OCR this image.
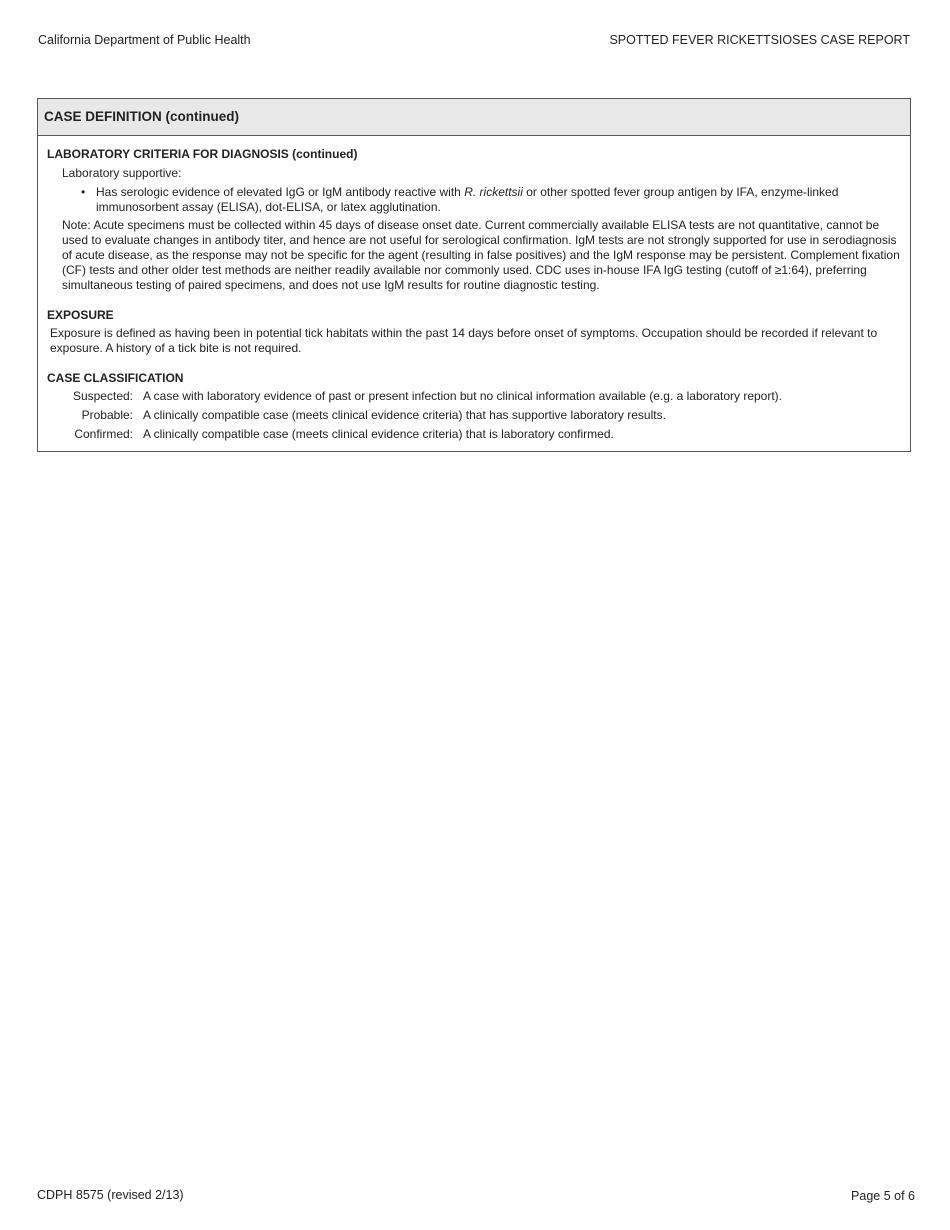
California Department of Public Health	SPOTTED FEVER RICKETTSIOSES CASE REPORT
CASE DEFINITION (continued)
LABORATORY CRITERIA FOR DIAGNOSIS (continued)
Laboratory supportive:
• Has serologic evidence of elevated IgG or IgM antibody reactive with R. rickettsii or other spotted fever group antigen by IFA, enzyme-linked immunosorbent assay (ELISA), dot-ELISA, or latex agglutination.
Note: Acute specimens must be collected within 45 days of disease onset date. Current commercially available ELISA tests are not quantitative, cannot be used to evaluate changes in antibody titer, and hence are not useful for serological confirmation. IgM tests are not strongly supported for use in serodiagnosis of acute disease, as the response may not be specific for the agent (resulting in false positives) and the IgM response may be persistent. Complement fixation (CF) tests and other older test methods are neither readily available nor commonly used. CDC uses in-house IFA IgG testing (cutoff of ≥1:64), preferring simultaneous testing of paired specimens, and does not use IgM results for routine diagnostic testing.
EXPOSURE
Exposure is defined as having been in potential tick habitats within the past 14 days before onset of symptoms. Occupation should be recorded if relevant to exposure. A history of a tick bite is not required.
CASE CLASSIFICATION
Suspected: A case with laboratory evidence of past or present infection but no clinical information available (e.g. a laboratory report).
Probable: A clinically compatible case (meets clinical evidence criteria) that has supportive laboratory results.
Confirmed: A clinically compatible case (meets clinical evidence criteria) that is laboratory confirmed.
CDPH 8575 (revised 2/13)	Page 5 of 6
